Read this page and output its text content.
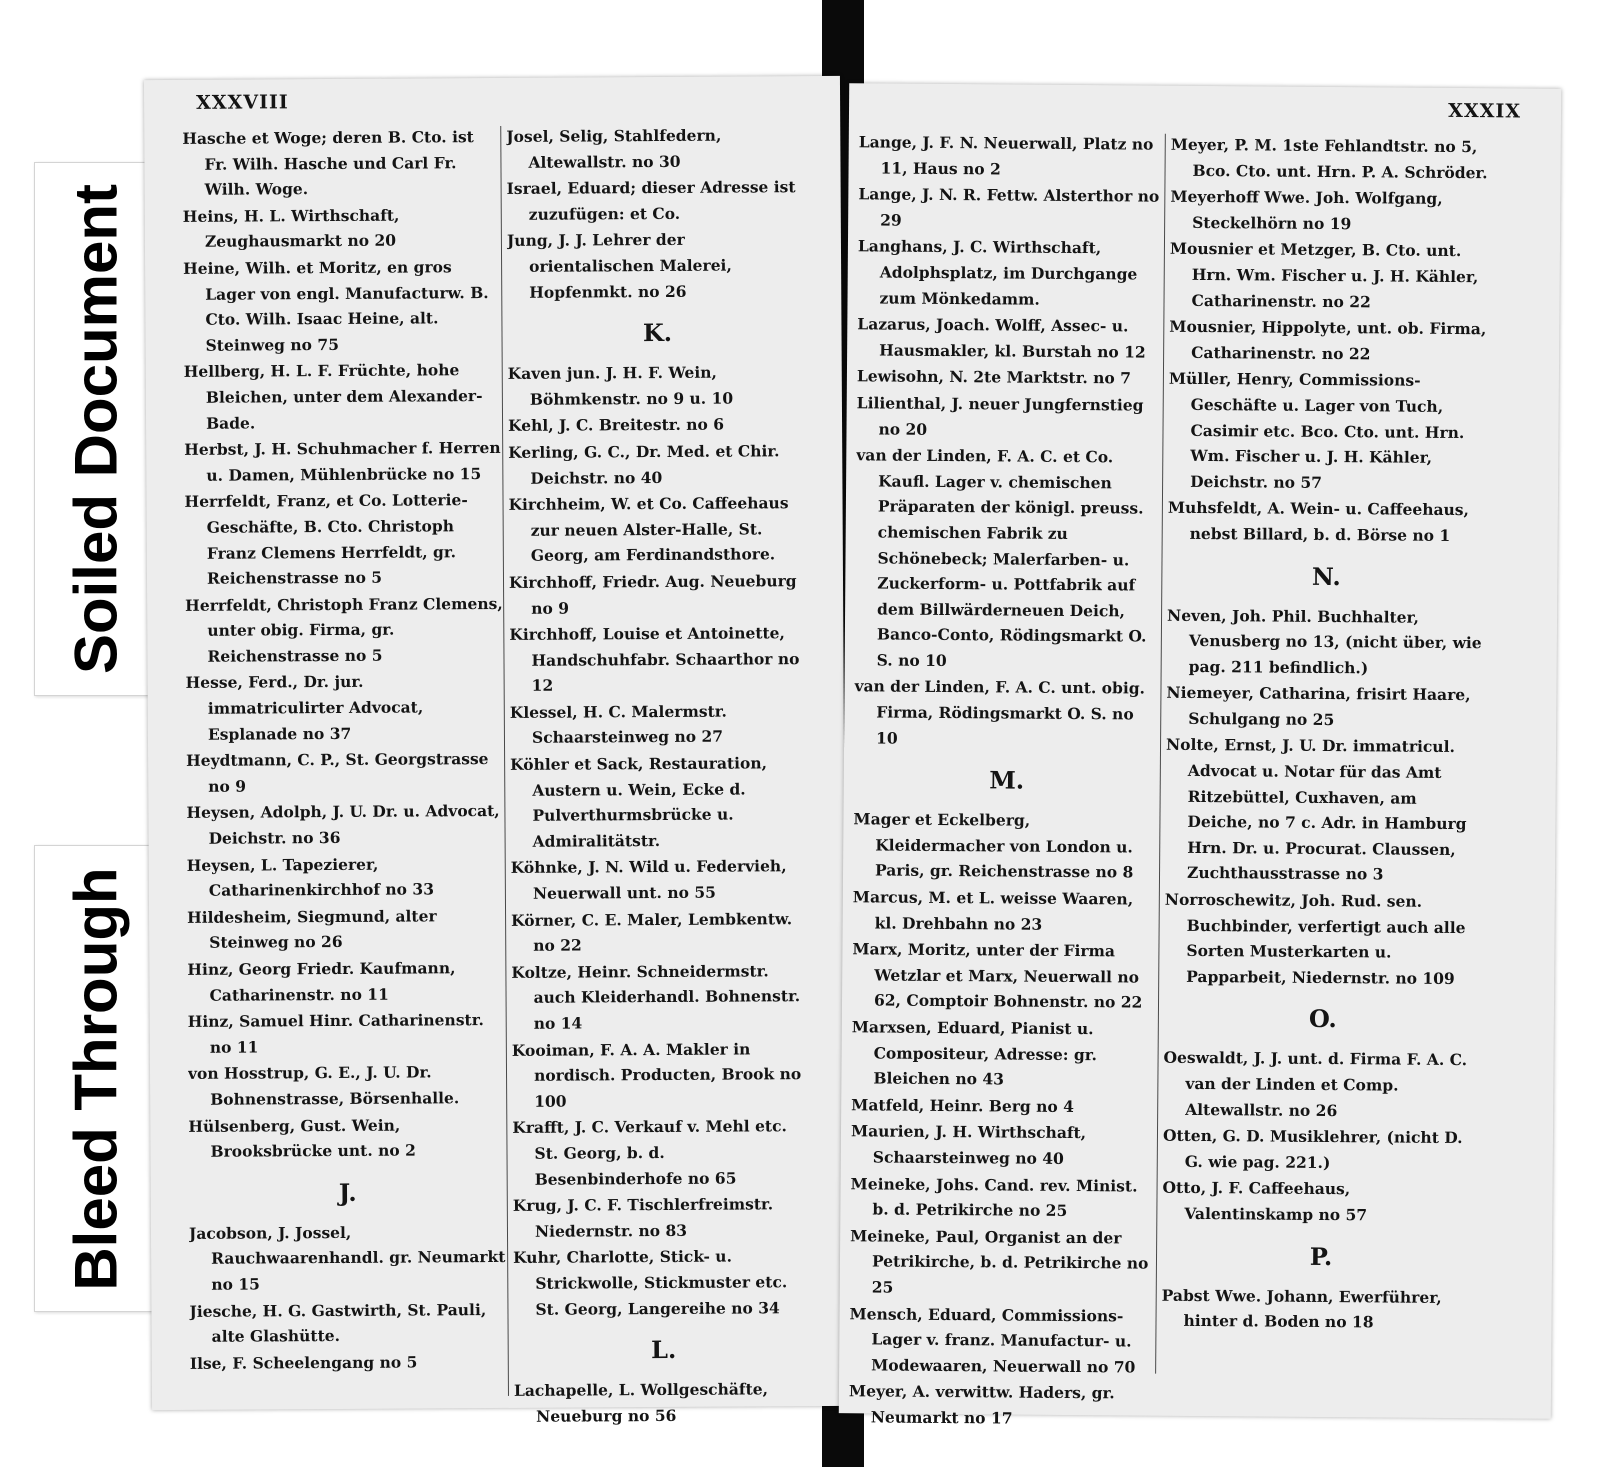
Soiled Document
Bleed Through
XXXVIII
Hasche et Woge; deren B. Cto. ist Fr. Wilh. Hasche und Carl Fr. Wilh. Woge.
Heins, H. L. Wirthschaft, Zeughausmarkt no 20
Heine, Wilh. et Moritz, en gros Lager von engl. Manufacturw. B. Cto. Wilh. Isaac Heine, alt. Steinweg no 75
Hellberg, H. L. F. Früchte, hohe Bleichen, unter dem Alexander-Bade.
Herbst, J. H. Schuhmacher f. Herren u. Damen, Mühlenbrücke no 15
Herrfeldt, Franz, et Co. Lotterie-Geschäfte, B. Cto. Christoph Franz Clemens Herrfeldt, gr. Reichenstrasse no 5
Herrfeldt, Christoph Franz Clemens, unter obig. Firma, gr. Reichenstrasse no 5
Hesse, Ferd., Dr. jur. immatriculirter Advocat, Esplanade no 37
Heydtmann, C. P., St. Georgstrasse no 9
Heysen, Adolph, J. U. Dr. u. Advocat, Deichstr. no 36
Heysen, L. Tapezierer, Catharinenkirchhof no 33
Hildesheim, Siegmund, alter Steinweg no 26
Hinz, Georg Friedr. Kaufmann, Catharinenstr. no 11
Hinz, Samuel Hinr. Catharinenstr. no 11
von Hosstrup, G. E., J. U. Dr. Bohnenstrasse, Börsenhalle.
Hülsenberg, Gust. Wein, Brooksbrücke unt. no 2
J.
Jacobson, J. Jossel, Rauchwaarenhandl. gr. Neumarkt no 15
Jiesche, H. G. Gastwirth, St. Pauli, alte Glashütte.
Ilse, F. Scheelengang no 5
Josel, Selig, Stahlfedern, Altewallstr. no 30
Israel, Eduard; dieser Adresse ist zuzufügen: et Co.
Jung, J. J. Lehrer der orientalischen Malerei, Hopfenmkt. no 26
K.
Kaven jun. J. H. F. Wein, Böhmkenstr. no 9 u. 10
Kehl, J. C. Breitestr. no 6
Kerling, G. C., Dr. Med. et Chir. Deichstr. no 40
Kirchheim, W. et Co. Caffeehaus zur neuen Alster-Halle, St. Georg, am Ferdinandsthore.
Kirchhoff, Friedr. Aug. Neueburg no 9
Kirchhoff, Louise et Antoinette, Handschuhfabr. Schaarthor no 12
Klessel, H. C. Malermstr. Schaarsteinweg no 27
Köhler et Sack, Restauration, Austern u. Wein, Ecke d. Pulverthurmsbrücke u. Admiralitätstr.
Köhnke, J. N. Wild u. Federvieh, Neuerwall unt. no 55
Körner, C. E. Maler, Lembkentw. no 22
Koltze, Heinr. Schneidermstr. auch Kleiderhandl. Bohnenstr. no 14
Kooiman, F. A. A. Makler in nordisch. Producten, Brook no 100
Krafft, J. C. Verkauf v. Mehl etc. St. Georg, b. d. Besenbinderhofe no 65
Krug, J. C. F. Tischlerfreimstr. Niedernstr. no 83
Kuhr, Charlotte, Stick- u. Strickwolle, Stickmuster etc. St. Georg, Langereihe no 34
L.
Lachapelle, L. Wollgeschäfte, Neueburg no 56
XXXIX
Lange, J. F. N. Neuerwall, Platz no 11, Haus no 2
Lange, J. N. R. Fettw. Alsterthor no 29
Langhans, J. C. Wirthschaft, Adolphsplatz, im Durchgange zum Mönkedamm.
Lazarus, Joach. Wolff, Assec- u. Hausmakler, kl. Burstah no 12
Lewisohn, N. 2te Marktstr. no 7
Lilienthal, J. neuer Jungfernstieg no 20
van der Linden, F. A. C. et Co. Kaufl. Lager v. chemischen Präparaten der königl. preuss. chemischen Fabrik zu Schönebeck; Malerfarben- u. Zuckerform- u. Pottfabrik auf dem Billwärderneuen Deich, Banco-Conto, Rödingsmarkt O. S. no 10
van der Linden, F. A. C. unt. obig. Firma, Rödingsmarkt O. S. no 10
M.
Mager et Eckelberg, Kleidermacher von London u. Paris, gr. Reichenstrasse no 8
Marcus, M. et L. weisse Waaren, kl. Drehbahn no 23
Marx, Moritz, unter der Firma Wetzlar et Marx, Neuerwall no 62, Comptoir Bohnenstr. no 22
Marxsen, Eduard, Pianist u. Compositeur, Adresse: gr. Bleichen no 43
Matfeld, Heinr. Berg no 4
Maurien, J. H. Wirthschaft, Schaarsteinweg no 40
Meineke, Johs. Cand. rev. Minist. b. d. Petrikirche no 25
Meineke, Paul, Organist an der Petrikirche, b. d. Petrikirche no 25
Mensch, Eduard, Commissions-Lager v. franz. Manufactur- u. Modewaaren, Neuerwall no 70
Meyer, A. verwittw. Haders, gr. Neumarkt no 17
Meyer, P. M. 1ste Fehlandtstr. no 5, Bco. Cto. unt. Hrn. P. A. Schröder.
Meyerhoff Wwe. Joh. Wolfgang, Steckelhörn no 19
Mousnier et Metzger, B. Cto. unt. Hrn. Wm. Fischer u. J. H. Kähler, Catharinenstr. no 22
Mousnier, Hippolyte, unt. ob. Firma, Catharinenstr. no 22
Müller, Henry, Commissions-Geschäfte u. Lager von Tuch, Casimir etc. Bco. Cto. unt. Hrn. Wm. Fischer u. J. H. Kähler, Deichstr. no 57
Muhsfeldt, A. Wein- u. Caffeehaus, nebst Billard, b. d. Börse no 1
N.
Neven, Joh. Phil. Buchhalter, Venusberg no 13, (nicht über, wie pag. 211 befindlich.)
Niemeyer, Catharina, frisirt Haare, Schulgang no 25
Nolte, Ernst, J. U. Dr. immatricul. Advocat u. Notar für das Amt Ritzebüttel, Cuxhaven, am Deiche, no 7 c. Adr. in Hamburg Hrn. Dr. u. Procurat. Claussen, Zuchthausstrasse no 3
Norroschewitz, Joh. Rud. sen. Buchbinder, verfertigt auch alle Sorten Musterkarten u. Papparbeit, Niedernstr. no 109
O.
Oeswaldt, J. J. unt. d. Firma F. A. C. van der Linden et Comp. Altewallstr. no 26
Otten, G. D. Musiklehrer, (nicht D. G. wie pag. 221.)
Otto, J. F. Caffeehaus, Valentinskamp no 57
P.
Pabst Wwe. Johann, Ewerführer, hinter d. Boden no 18
